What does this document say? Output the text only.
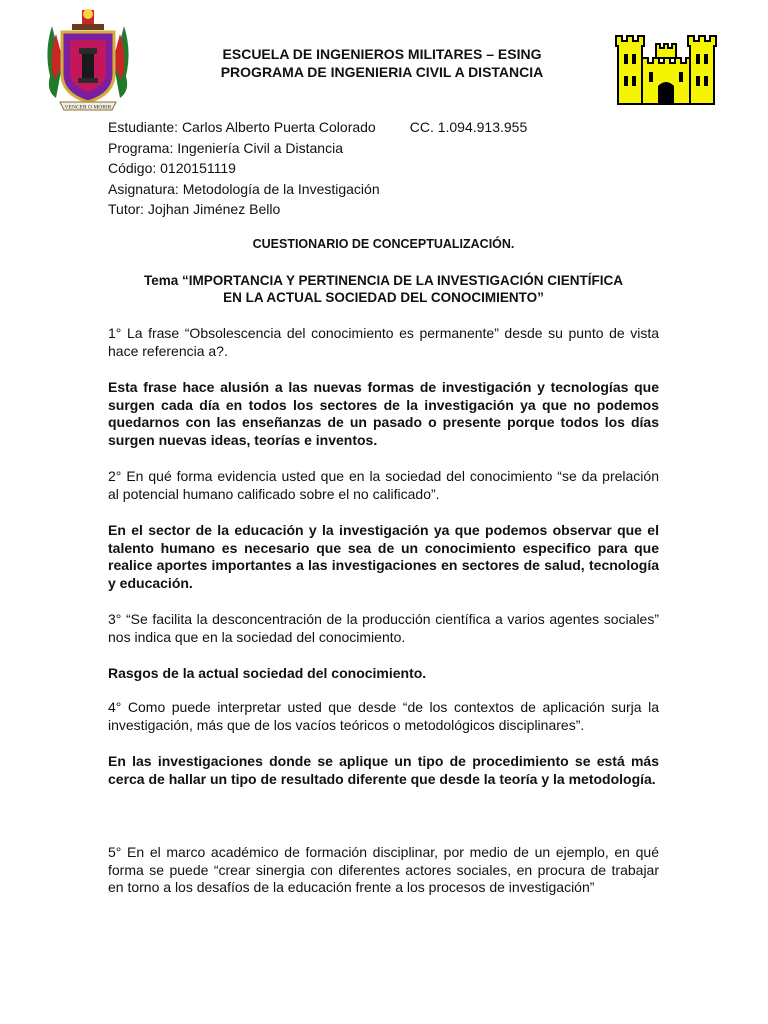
VENCER O MORIR
ESCUELA DE INGENIEROS MILITARES – ESING
PROGRAMA DE INGENIERIA CIVIL A DISTANCIA
Estudiante: Carlos Alberto Puerta Colorado CC. 1.094.913.955
Programa: Ingeniería Civil a Distancia
Código: 0120151119
Asignatura: Metodología de la Investigación
Tutor: Jojhan Jiménez Bello
CUESTIONARIO DE CONCEPTUALIZACIÓN.
Tema “IMPORTANCIA Y PERTINENCIA DE LA INVESTIGACIÓN CIENTÍFICA
EN LA ACTUAL SOCIEDAD DEL CONOCIMIENTO”

1° La frase “Obsolescencia del conocimiento es permanente” desde su punto de vista hace referencia a?.

Esta frase hace alusión a las nuevas formas de investigación y tecnologías que surgen cada día en todos los sectores de la investigación ya que no podemos quedarnos con las enseñanzas de un pasado o presente porque todos los días surgen nuevas ideas, teorías e inventos.

2° En qué forma evidencia usted que en la sociedad del conocimiento “se da prelación al potencial humano calificado sobre el no calificado”.

En el sector de la educación y la investigación ya que podemos observar que el talento humano es necesario que sea de un conocimiento especifico para que realice aportes importantes a las investigaciones en sectores de salud, tecnología y educación.

3° “Se facilita la desconcentración de la producción científica a varios agentes sociales” nos indica que en la sociedad del conocimiento.

Rasgos de la actual sociedad del conocimiento.

4° Como puede interpretar usted que desde “de los contextos de aplicación surja la investigación, más que de los vacíos teóricos o metodológicos disciplinares”.

En las investigaciones donde se aplique un tipo de procedimiento se está más cerca de hallar un tipo de resultado diferente que desde la teoría y la metodología.

5° En el marco académico de formación disciplinar, por medio de un ejemplo, en qué forma se puede “crear sinergia con diferentes actores sociales, en procura de trabajar en torno a los desafíos de la educación frente a los procesos de investigación”
